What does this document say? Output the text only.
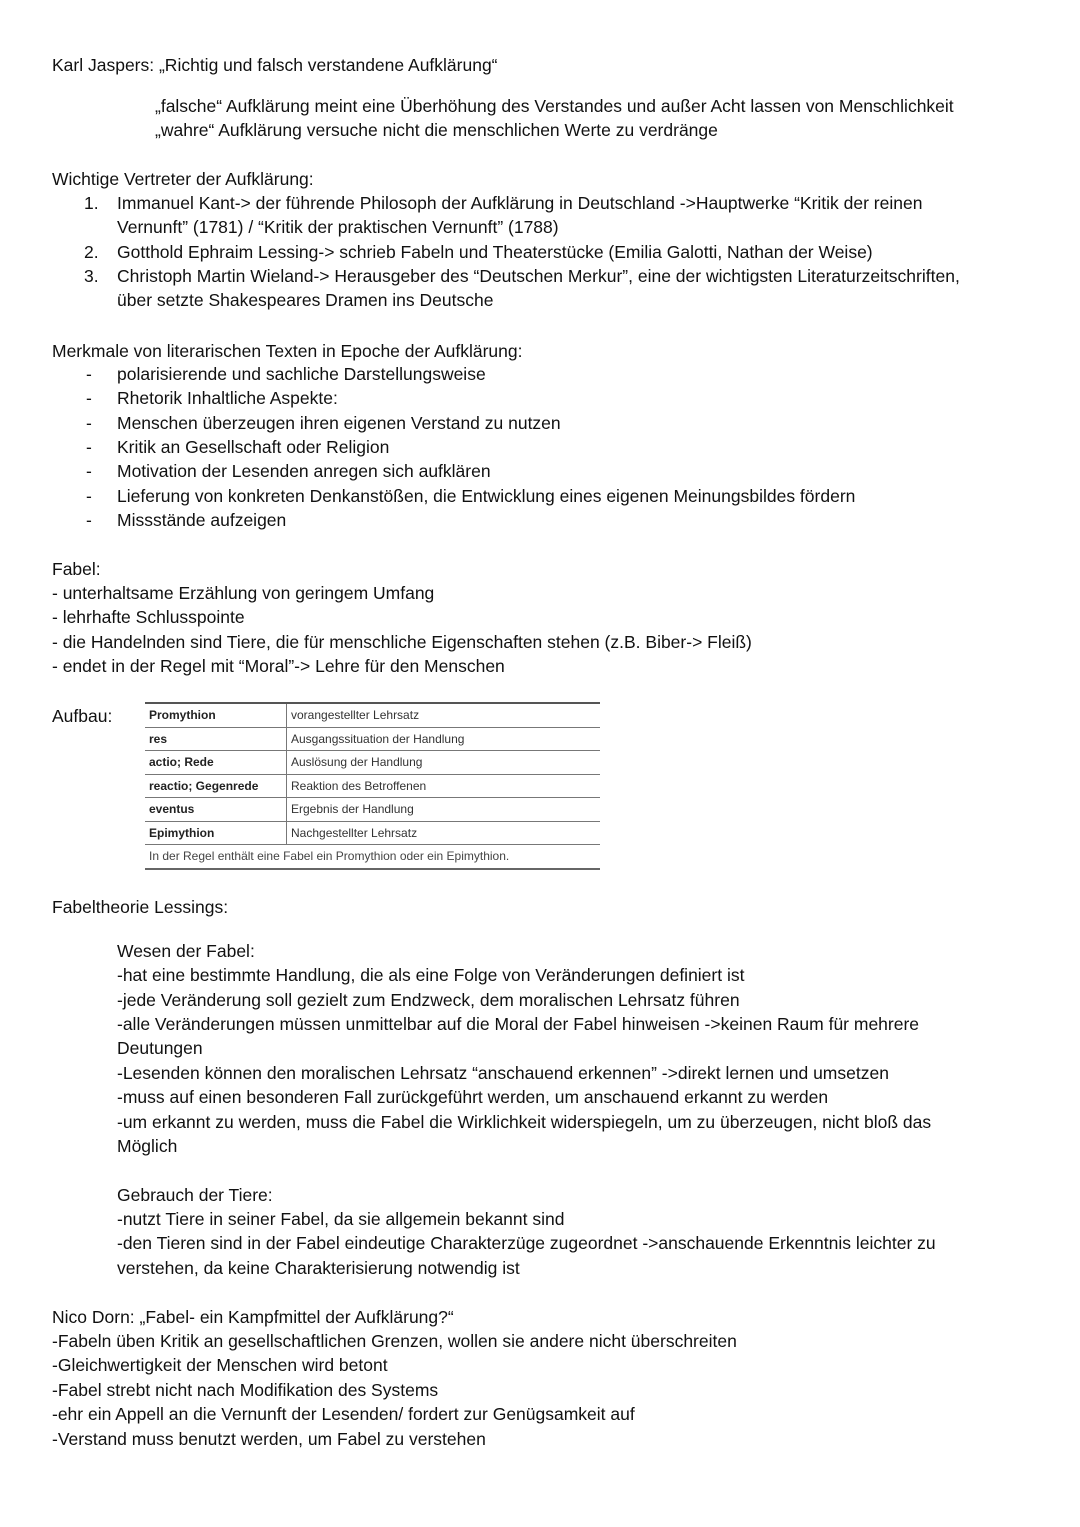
Karl Jaspers: „Richtig und falsch verstandene Aufklärung“
„falsche“ Aufklärung meint eine Überhöhung des Verstandes und außer Acht lassen von Menschlichkeit
„wahre“ Aufklärung versuche nicht die menschlichen Werte zu verdränge
Wichtige Vertreter der Aufklärung:
1. Immanuel Kant-> der führende Philosoph der Aufklärung in Deutschland ->Hauptwerke “Kritik der reinen
Vernunft” (1781) / “Kritik der praktischen Vernunft” (1788)
2. Gotthold Ephraim Lessing-> schrieb Fabeln und Theaterstücke (Emilia Galotti, Nathan der Weise)
3. Christoph Martin Wieland-> Herausgeber des “Deutschen Merkur”, eine der wichtigsten Literaturzeitschriften,
über setzte Shakespeares Dramen ins Deutsche
Merkmale von literarischen Texten in Epoche der Aufklärung:
- polarisierende und sachliche Darstellungsweise
- Rhetorik Inhaltliche Aspekte:
- Menschen überzeugen ihren eigenen Verstand zu nutzen
- Kritik an Gesellschaft oder Religion
- Motivation der Lesenden anregen sich aufklären
- Lieferung von konkreten Denkanstößen, die Entwicklung eines eigenen Meinungsbildes fördern
- Missstände aufzeigen
Fabel:
- unterhaltsame Erzählung von geringem Umfang
- lehrhafte Schlusspointe
- die Handelnden sind Tiere, die für menschliche Eigenschaften stehen (z.B. Biber-> Fleiß)
- endet in der Regel mit “Moral”-> Lehre für den Menschen
Aufbau:	Promythion	vorangestellter Lehrsatz
res	Ausgangssituation der Handlung
actio; Rede	Auslösung der Handlung
reactio; Gegenrede	Reaktion des Betroffenen
eventus	Ergebnis der Handlung
Epimythion	Nachgestellter Lehrsatz
In der Regel enthält eine Fabel ein Promythion oder ein Epimythion.	
Fabeltheorie Lessings:
Wesen der Fabel:
-hat eine bestimmte Handlung, die als eine Folge von Veränderungen definiert ist
-jede Veränderung soll gezielt zum Endzweck, dem moralischen Lehrsatz führen
-alle Veränderungen müssen unmittelbar auf die Moral der Fabel hinweisen ->keinen Raum für mehrere
Deutungen
-Lesenden können den moralischen Lehrsatz “anschauend erkennen” ->direkt lernen und umsetzen
-muss auf einen besonderen Fall zurückgeführt werden, um anschauend erkannt zu werden
-um erkannt zu werden, muss die Fabel die Wirklichkeit widerspiegeln, um zu überzeugen, nicht bloß das
Möglich
Gebrauch der Tiere:
-nutzt Tiere in seiner Fabel, da sie allgemein bekannt sind
-den Tieren sind in der Fabel eindeutige Charakterzüge zugeordnet ->anschauende Erkenntnis leichter zu
verstehen, da keine Charakterisierung notwendig ist
Nico Dorn: „Fabel- ein Kampfmittel der Aufklärung?“
-Fabeln üben Kritik an gesellschaftlichen Grenzen, wollen sie andere nicht überschreiten
-Gleichwertigkeit der Menschen wird betont
-Fabel strebt nicht nach Modifikation des Systems
-ehr ein Appell an die Vernunft der Lesenden/ fordert zur Genügsamkeit auf
-Verstand muss benutzt werden, um Fabel zu verstehen
